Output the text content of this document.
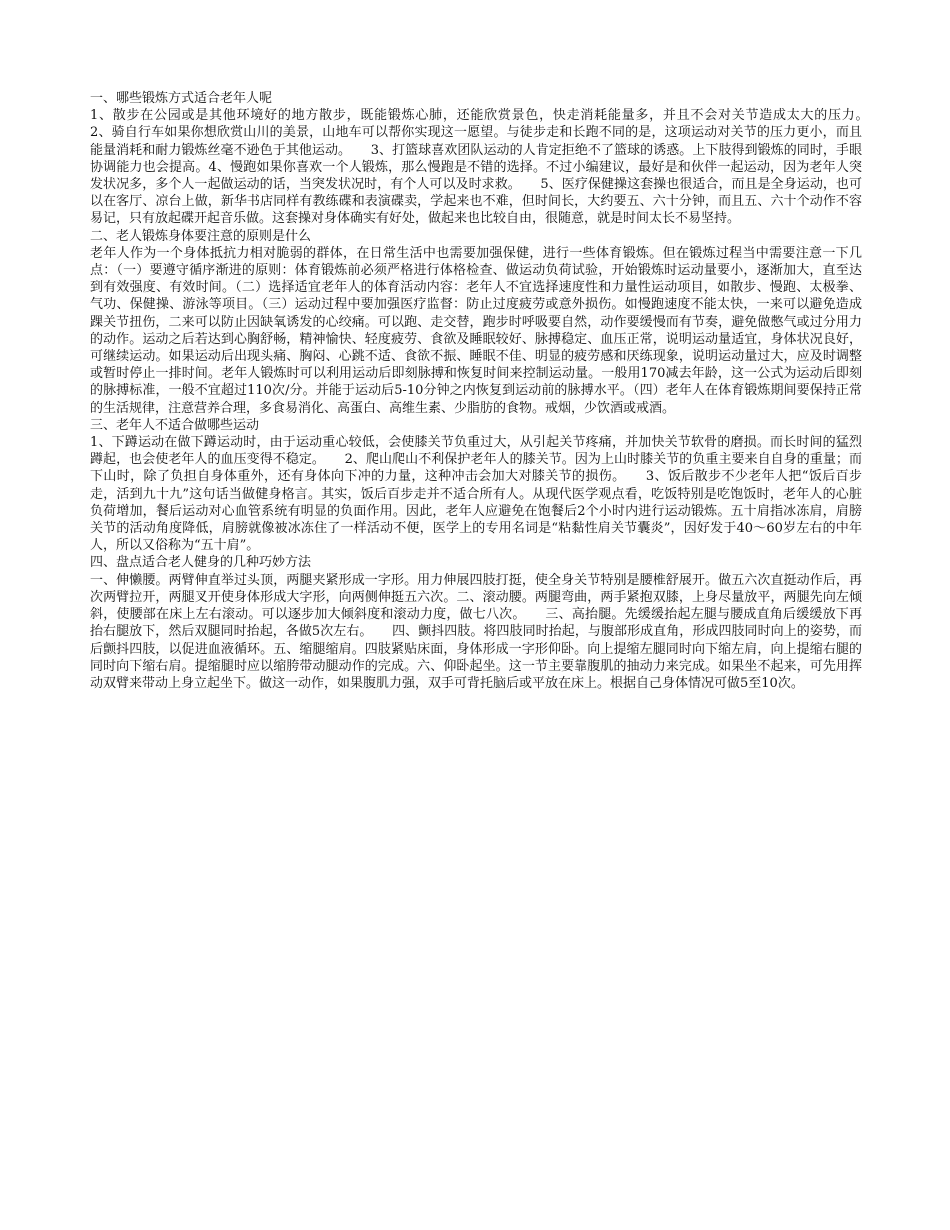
一、哪些锻炼方式适合老年人呢

1、散步在公园或是其他环境好的地方散步，既能锻炼心肺，还能欣赏景色，快走消耗能量多，并且不会对关节造成太大的压力。　　2、骑自行车如果你想欣赏山川的美景，山地车可以帮你实现这一愿望。与徒步走和长跑不同的是，这项运动对关节的压力更小，而且能量消耗和耐力锻炼丝毫不逊色于其他运动。　　3、打篮球喜欢团队运动的人肯定拒绝不了篮球的诱惑。上下肢得到锻炼的同时，手眼协调能力也会提高。4、慢跑如果你喜欢一个人锻炼，那么慢跑是不错的选择。不过小编建议，最好是和伙伴一起运动，因为老年人突发状况多，多个人一起做运动的话，当突发状况时，有个人可以及时求救。　　5、医疗保健操这套操也很适合，而且是全身运动，也可以在客厅、凉台上做，新华书店同样有教练碟和表演碟卖，学起来也不难，但时间长，大约要五、六十分钟，而且五、六十个动作不容易记，只有放起碟开起音乐做。这套操对身体确实有好处，做起来也比较自由，很随意，就是时间太长不易坚持。

二、老人锻炼身体要注意的原则是什么

老年人作为一个身体抵抗力相对脆弱的群体，在日常生活中也需要加强保健，进行一些体育锻炼。但在锻炼过程当中需要注意一下几点：（一）要遵守循序渐进的原则：体育锻炼前必须严格进行体格检查、做运动负荷试验，开始锻炼时运动量要小，逐渐加大，直至达到有效强度、有效时间。（二）选择适宜老年人的体育活动内容：老年人不宜选择速度性和力量性运动项目，如散步、慢跑、太极拳、气功、保健操、游泳等项目。（三）运动过程中要加强医疗监督：防止过度疲劳或意外损伤。如慢跑速度不能太快，一来可以避免造成踝关节扭伤，二来可以防止因缺氧诱发的心绞痛。可以跑、走交替，跑步时呼吸要自然，动作要缓慢而有节奏，避免做憋气或过分用力的动作。运动之后若达到心胸舒畅，精神愉快、轻度疲劳、食欲及睡眠较好、脉搏稳定、血压正常，说明运动量适宜，身体状况良好，可继续运动。如果运动后出现头痛、胸闷、心跳不适、食欲不振、睡眠不佳、明显的疲劳感和厌练现象，说明运动量过大，应及时调整或暂时停止一排时间。老年人锻炼时可以利用运动后即刻脉搏和恢复时间来控制运动量。一般用170减去年龄，这一公式为运动后即刻的脉搏标准，一般不宜超过110次/分。并能于运动后5-10分钟之内恢复到运动前的脉搏水平。（四）老年人在体育锻炼期间要保持正常的生活规律，注意营养合理，多食易消化、高蛋白、高维生素、少脂肪的食物。戒烟，少饮酒或戒酒。

三、老年人不适合做哪些运动

1、下蹲运动在做下蹲运动时，由于运动重心较低，会使膝关节负重过大，从引起关节疼痛，并加快关节软骨的磨损。而长时间的猛烈蹲起，也会使老年人的血压变得不稳定。　　2、爬山爬山不利保护老年人的膝关节。因为上山时膝关节的负重主要来自自身的重量；而下山时，除了负担自身体重外，还有身体向下冲的力量，这种冲击会加大对膝关节的损伤。　　3、饭后散步不少老年人把“饭后百步走，活到九十九”这句话当做健身格言。其实，饭后百步走并不适合所有人。从现代医学观点看，吃饭特别是吃饱饭时，老年人的心脏负荷增加，餐后运动对心血管系统有明显的负面作用。因此，老年人应避免在饱餐后2个小时内进行运动锻炼。五十肩指冰冻肩，肩膀关节的活动角度降低，肩膀就像被冰冻住了一样活动不便，医学上的专用名词是“粘黏性肩关节囊炎”，因好发于40～60岁左右的中年人，所以又俗称为“五十肩”。

四、盘点适合老人健身的几种巧妙方法

一、伸懒腰。两臂伸直举过头顶，两腿夹紧形成一字形。用力伸展四肢打挺，使全身关节特别是腰椎舒展开。做五六次直挺动作后，再次两臂拉开，两腿叉开使身体形成大字形，向两侧伸挺五六次。二、滚动腰。两腿弯曲，两手紧抱双膝，上身尽量放平，两腿先向左倾斜，使腰部在床上左右滚动。可以逐步加大倾斜度和滚动力度，做七八次。　　三、高抬腿。先缓缓抬起左腿与腰成直角后缓缓放下再抬右腿放下，然后双腿同时抬起，各做5次左右。　　四、颤抖四肢。将四肢同时抬起，与腹部形成直角，形成四肢同时向上的姿势，而后颤抖四肢，以促进血液循环。五、缩腿缩肩。四肢紧贴床面，身体形成一字形仰卧。向上提缩左腿同时向下缩左肩，向上提缩右腿的同时向下缩右肩。提缩腿时应以缩胯带动腿动作的完成。六、仰卧起坐。这一节主要靠腹肌的抽动力来完成。如果坐不起来，可先用挥动双臂来带动上身立起坐下。做这一动作，如果腹肌力强，双手可背托脑后或平放在床上。根据自己身体情况可做5至10次。
